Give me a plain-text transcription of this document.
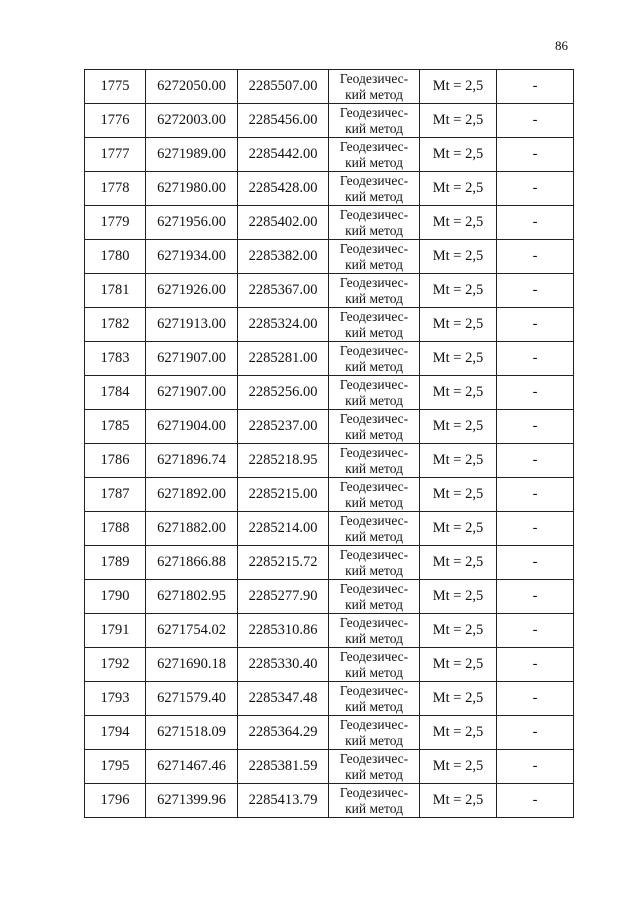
86
1775	6272050.00	2285507.00	Геодезичес-
кий метод	Mt = 2,5	-
1776	6272003.00	2285456.00	Геодезичес-
кий метод	Mt = 2,5	-
1777	6271989.00	2285442.00	Геодезичес-
кий метод	Mt = 2,5	-
1778	6271980.00	2285428.00	Геодезичес-
кий метод	Mt = 2,5	-
1779	6271956.00	2285402.00	Геодезичес-
кий метод	Mt = 2,5	-
1780	6271934.00	2285382.00	Геодезичес-
кий метод	Mt = 2,5	-
1781	6271926.00	2285367.00	Геодезичес-
кий метод	Mt = 2,5	-
1782	6271913.00	2285324.00	Геодезичес-
кий метод	Mt = 2,5	-
1783	6271907.00	2285281.00	Геодезичес-
кий метод	Mt = 2,5	-
1784	6271907.00	2285256.00	Геодезичес-
кий метод	Mt = 2,5	-
1785	6271904.00	2285237.00	Геодезичес-
кий метод	Mt = 2,5	-
1786	6271896.74	2285218.95	Геодезичес-
кий метод	Mt = 2,5	-
1787	6271892.00	2285215.00	Геодезичес-
кий метод	Mt = 2,5	-
1788	6271882.00	2285214.00	Геодезичес-
кий метод	Mt = 2,5	-
1789	6271866.88	2285215.72	Геодезичес-
кий метод	Mt = 2,5	-
1790	6271802.95	2285277.90	Геодезичес-
кий метод	Mt = 2,5	-
1791	6271754.02	2285310.86	Геодезичес-
кий метод	Mt = 2,5	-
1792	6271690.18	2285330.40	Геодезичес-
кий метод	Mt = 2,5	-
1793	6271579.40	2285347.48	Геодезичес-
кий метод	Mt = 2,5	-
1794	6271518.09	2285364.29	Геодезичес-
кий метод	Mt = 2,5	-
1795	6271467.46	2285381.59	Геодезичес-
кий метод	Mt = 2,5	-
1796	6271399.96	2285413.79	Геодезичес-
кий метод	Mt = 2,5	-
